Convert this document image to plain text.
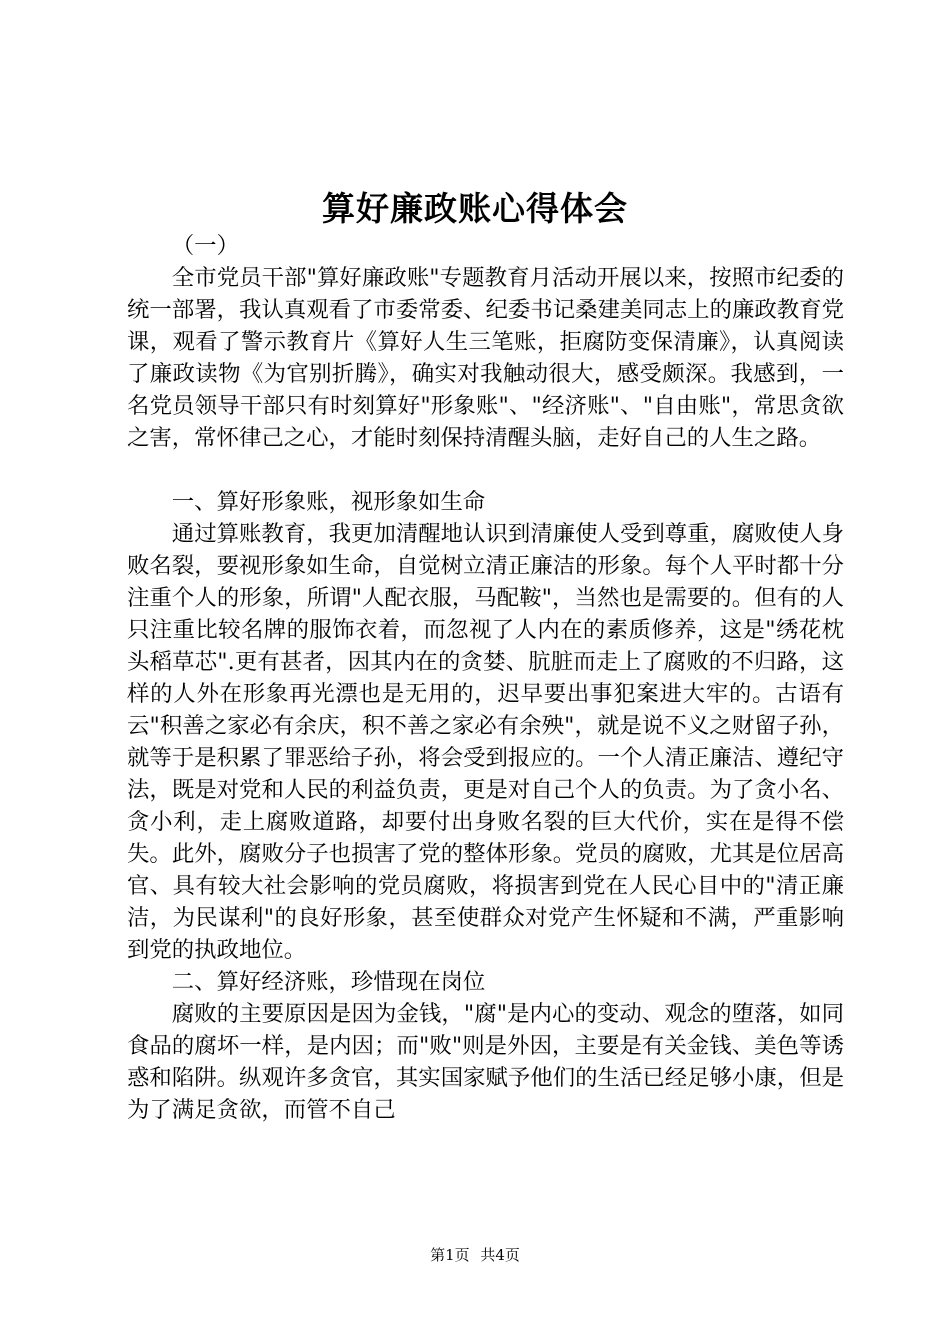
算好廉政账心得体会

（一）

全市党员干部"算好廉政账"专题教育月活动开展以来，按照市纪委的统一部署，我认真观看了市委常委、纪委书记桑建美同志上的廉政教育党课，观看了警示教育片《算好人生三笔账，拒腐防变保清廉》，认真阅读了廉政读物《为官别折腾》，确实对我触动很大，感受颇深。我感到，一名党员领导干部只有时刻算好"形象账"、"经济账"、"自由账"，常思贪欲之害，常怀律己之心，才能时刻保持清醒头脑，走好自己的人生之路。

一、算好形象账，视形象如生命

通过算账教育，我更加清醒地认识到清廉使人受到尊重，腐败使人身败名裂，要视形象如生命，自觉树立清正廉洁的形象。每个人平时都十分注重个人的形象，所谓"人配衣服，马配鞍"，当然也是需要的。但有的人只注重比较名牌的服饰衣着，而忽视了人内在的素质修养，这是"绣花枕头稻草芯".更有甚者，因其内在的贪婪、肮脏而走上了腐败的不归路，这样的人外在形象再光漂也是无用的，迟早要出事犯案进大牢的。古语有云"积善之家必有余庆，积不善之家必有余殃"，就是说不义之财留子孙，就等于是积累了罪恶给子孙，将会受到报应的。一个人清正廉洁、遵纪守法，既是对党和人民的利益负责，更是对自己个人的负责。为了贪小名、贪小利，走上腐败道路，却要付出身败名裂的巨大代价，实在是得不偿失。此外，腐败分子也损害了党的整体形象。党员的腐败，尤其是位居高官、具有较大社会影响的党员腐败，将损害到党在人民心目中的"清正廉洁，为民谋利"的良好形象，甚至使群众对党产生怀疑和不满，严重影响到党的执政地位。

二、算好经济账，珍惜现在岗位

腐败的主要原因是因为金钱，"腐"是内心的变动、观念的堕落，如同食品的腐坏一样，是内因；而"败"则是外因，主要是有关金钱、美色等诱惑和陷阱。纵观许多贪官，其实国家赋予他们的生活已经足够小康，但是为了满足贪欲，而管不自己

第1页 共4页
